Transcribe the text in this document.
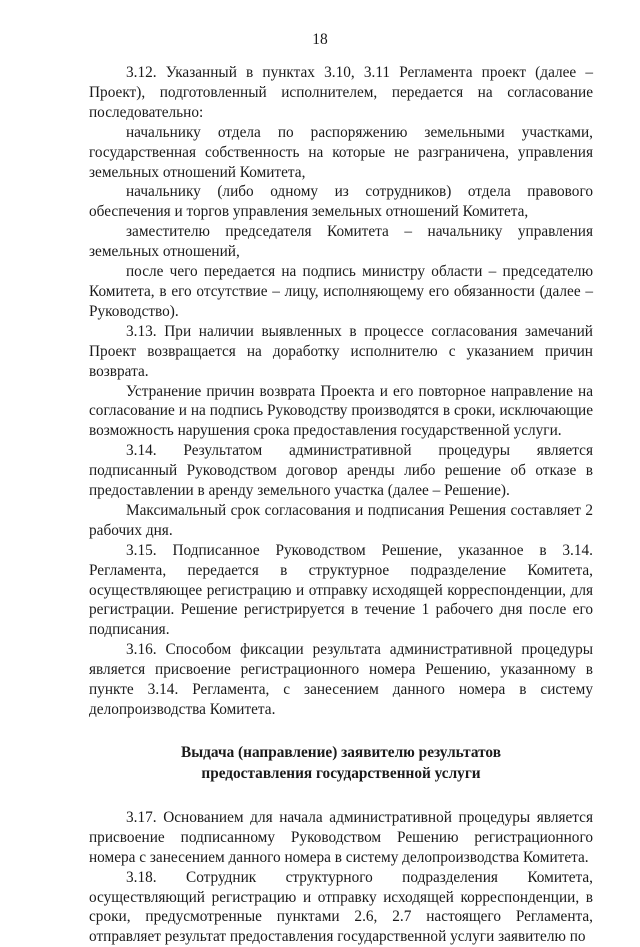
18

3.12. Указанный в пунктах 3.10, 3.11 Регламента проект (далее – Проект), подготовленный исполнителем, передается на согласование последовательно:

начальнику отдела по распоряжению земельными участками, государственная собственность на которые не разграничена, управления земельных отношений Комитета,

начальнику (либо одному из сотрудников) отдела правового обеспечения и торгов управления земельных отношений Комитета,

заместителю председателя Комитета – начальнику управления земельных отношений,

после чего передается на подпись министру области – председателю Комитета, в его отсутствие – лицу, исполняющему его обязанности (далее – Руководство).

3.13. При наличии выявленных в процессе согласования замечаний Проект возвращается на доработку исполнителю с указанием причин возврата.

Устранение причин возврата Проекта и его повторное направление на согласование и на подпись Руководству производятся в сроки, исключающие возможность нарушения срока предоставления государственной услуги.

3.14. Результатом административной процедуры является подписанный Руководством договор аренды либо решение об отказе в предоставлении в аренду земельного участка (далее – Решение).

Максимальный срок согласования и подписания Решения составляет 2 рабочих дня.

3.15. Подписанное Руководством Решение, указанное в 3.14. Регламента, передается в структурное подразделение Комитета, осуществляющее регистрацию и отправку исходящей корреспонденции, для регистрации. Решение регистрируется в течение 1 рабочего дня после его подписания.

3.16. Способом фиксации результата административной процедуры является присвоение регистрационного номера Решению, указанному в пункте 3.14. Регламента, с занесением данного номера в систему делопроизводства Комитета.

Выдача (направление) заявителю результатов
предоставления государственной услуги

3.17. Основанием для начала административной процедуры является присвоение подписанному Руководством Решению регистрационного номера с занесением данного номера в систему делопроизводства Комитета.

3.18. Сотрудник структурного подразделения Комитета, осуществляющий регистрацию и отправку исходящей корреспонденции, в сроки, предусмотренные пунктами 2.6, 2.7 настоящего Регламента, отправляет результат предоставления государственной услуги заявителю по
